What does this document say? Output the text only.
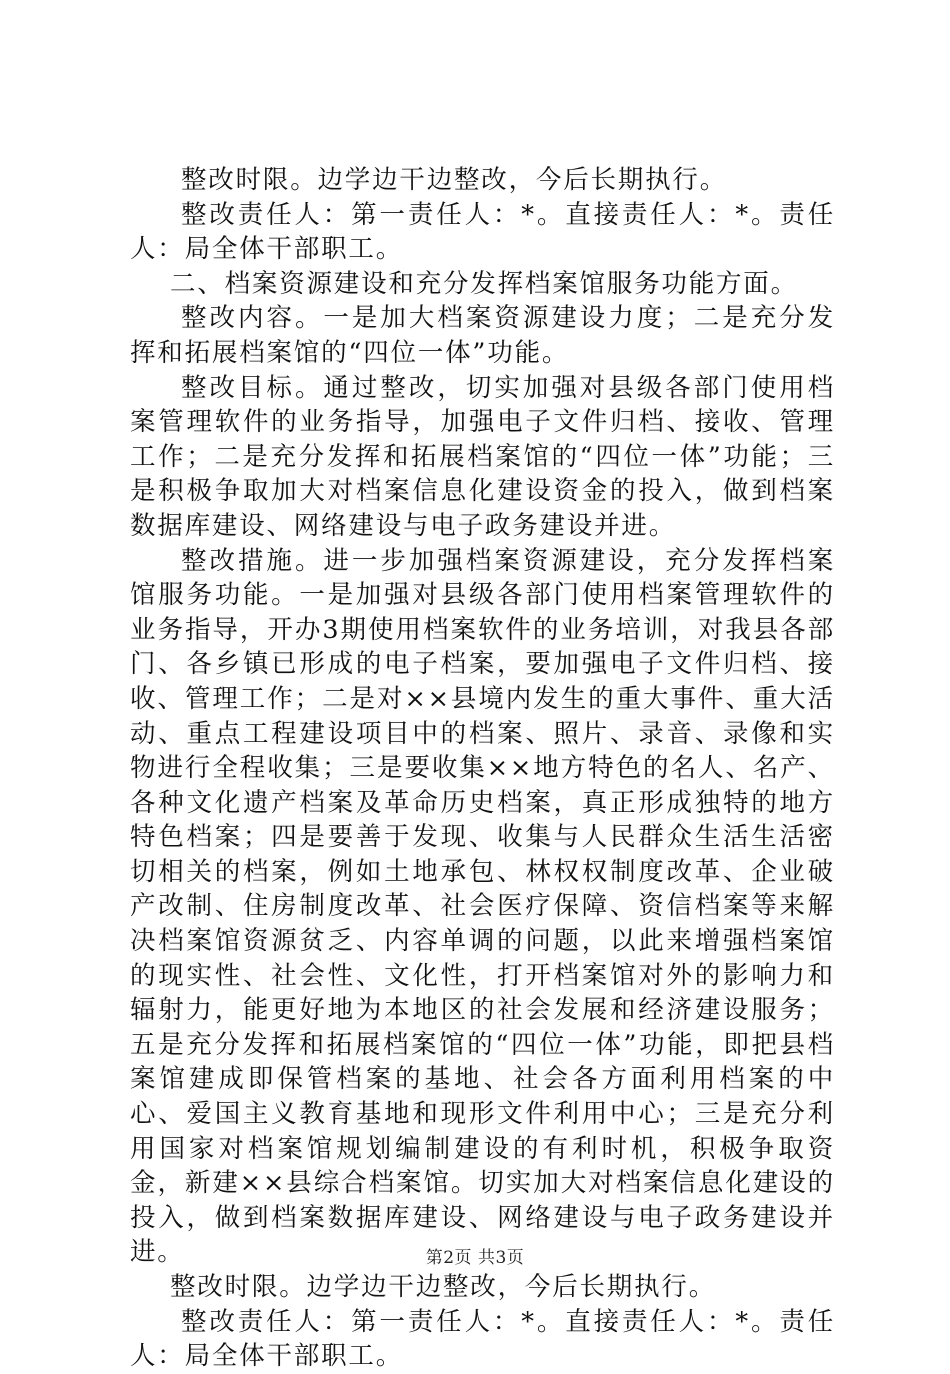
整改时限。边学边干边整改，今后长期执行。

整改责任人：第一责任人：*。直接责任人：*。责任人：局全体干部职工。

二、档案资源建设和充分发挥档案馆服务功能方面。

整改内容。一是加大档案资源建设力度；二是充分发挥和拓展档案馆的“四位一体”功能。

整改目标。通过整改，切实加强对县级各部门使用档案管理软件的业务指导，加强电子文件归档、接收、管理工作；二是充分发挥和拓展档案馆的“四位一体”功能；三是积极争取加大对档案信息化建设资金的投入，做到档案数据库建设、网络建设与电子政务建设并进。

整改措施。进一步加强档案资源建设，充分发挥档案馆服务功能。一是加强对县级各部门使用档案管理软件的业务指导，开办3期使用档案软件的业务培训，对我县各部门、各乡镇已形成的电子档案，要加强电子文件归档、接收、管理工作；二是对××县境内发生的重大事件、重大活动、重点工程建设项目中的档案、照片、录音、录像和实物进行全程收集；三是要收集××地方特色的名人、名产、各种文化遗产档案及革命历史档案，真正形成独特的地方特色档案；四是要善于发现、收集与人民群众生活生活密切相关的档案，例如土地承包、林权权制度改革、企业破产改制、住房制度改革、社会医疗保障、资信档案等来解决档案馆资源贫乏、内容单调的问题，以此来增强档案馆的现实性、社会性、文化性，打开档案馆对外的影响力和辐射力，能更好地为本地区的社会发展和经济建设服务；五是充分发挥和拓展档案馆的“四位一体”功能，即把县档案馆建成即保管档案的基地、社会各方面利用档案的中心、爱国主义教育基地和现形文件利用中心；三是充分利用国家对档案馆规划编制建设的有利时机，积极争取资金，新建××县综合档案馆。切实加大对档案信息化建设的投入，做到档案数据库建设、网络建设与电子政务建设并进。

整改时限。边学边干边整改，今后长期执行。

整改责任人：第一责任人：*。直接责任人：*。责任人：局全体干部职工。

第2页 共3页
